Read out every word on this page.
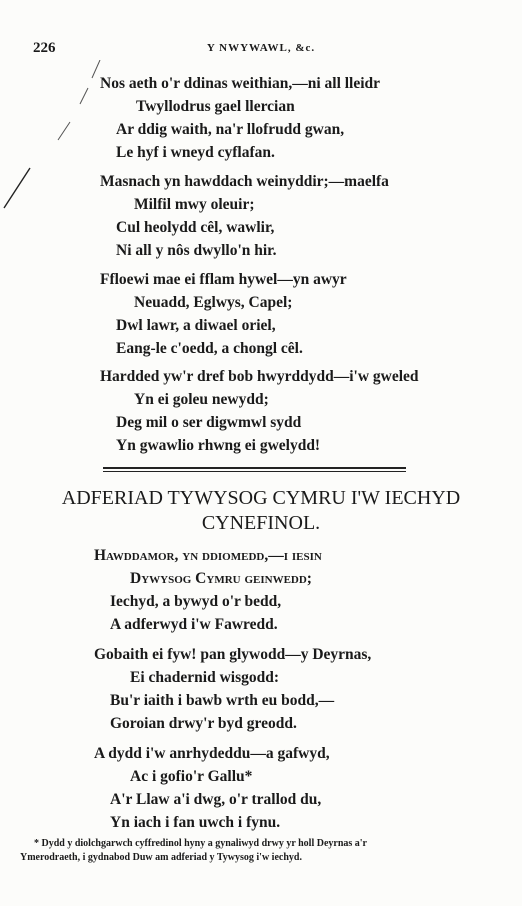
226	Y NWYWAWL, &c.
Nos aeth o'r ddinas weithian,—ni all lleidr
Twyllodrus gael llercian
Ar ddig waith, na'r llofrudd gwan,
Le hyf i wneyd cyflafan.
Masnach yn hawddach weinyddir;—maelfa
Milfil mwy oleuir;
Cul heolydd cêl, wawlir,
Ni all y nôs dwyllo'n hir.
Ffloewi mae ei fflam hywel—yn awyr
Neuadd, Eglwys, Capel;
Dwl lawr, a diwael oriel,
Eang-le c'oedd, a chongl cêl.
Hardded yw'r dref bob hwyrddydd—i'w gweled
Yn ei goleu newydd;
Deg mil o ser digwmwl sydd
Yn gwawlio rhwng ei gwelydd!
ADFERIAD TYWYSOG CYMRU I'W IECHYD
CYNEFINOL.
Hawddamor, yn ddiomedd,—i iesin
Dywysog Cymru geinwedd;
Iechyd, a bywyd o'r bedd,
A adferwyd i'w Fawredd.
Gobaith ei fyw! pan glywodd—y Deyrnas,
Ei chadernid wisgodd:
Bu'r iaith i bawb wrth eu bodd,—
Goroian drwy'r byd greodd.
A dydd i'w anrhydeddu—a gafwyd,
Ac i gofio'r Gallu*
A'r Llaw a'i dwg, o'r trallod du,
Yn iach i fan uwch i fynu.
* Dydd y diolchgarwch cyffredinol hyny a gynaliwyd drwy yr holl Deyrnas a'r
Ymerodraeth, i gydnabod Duw am adferiad y Tywysog i'w iechyd.
